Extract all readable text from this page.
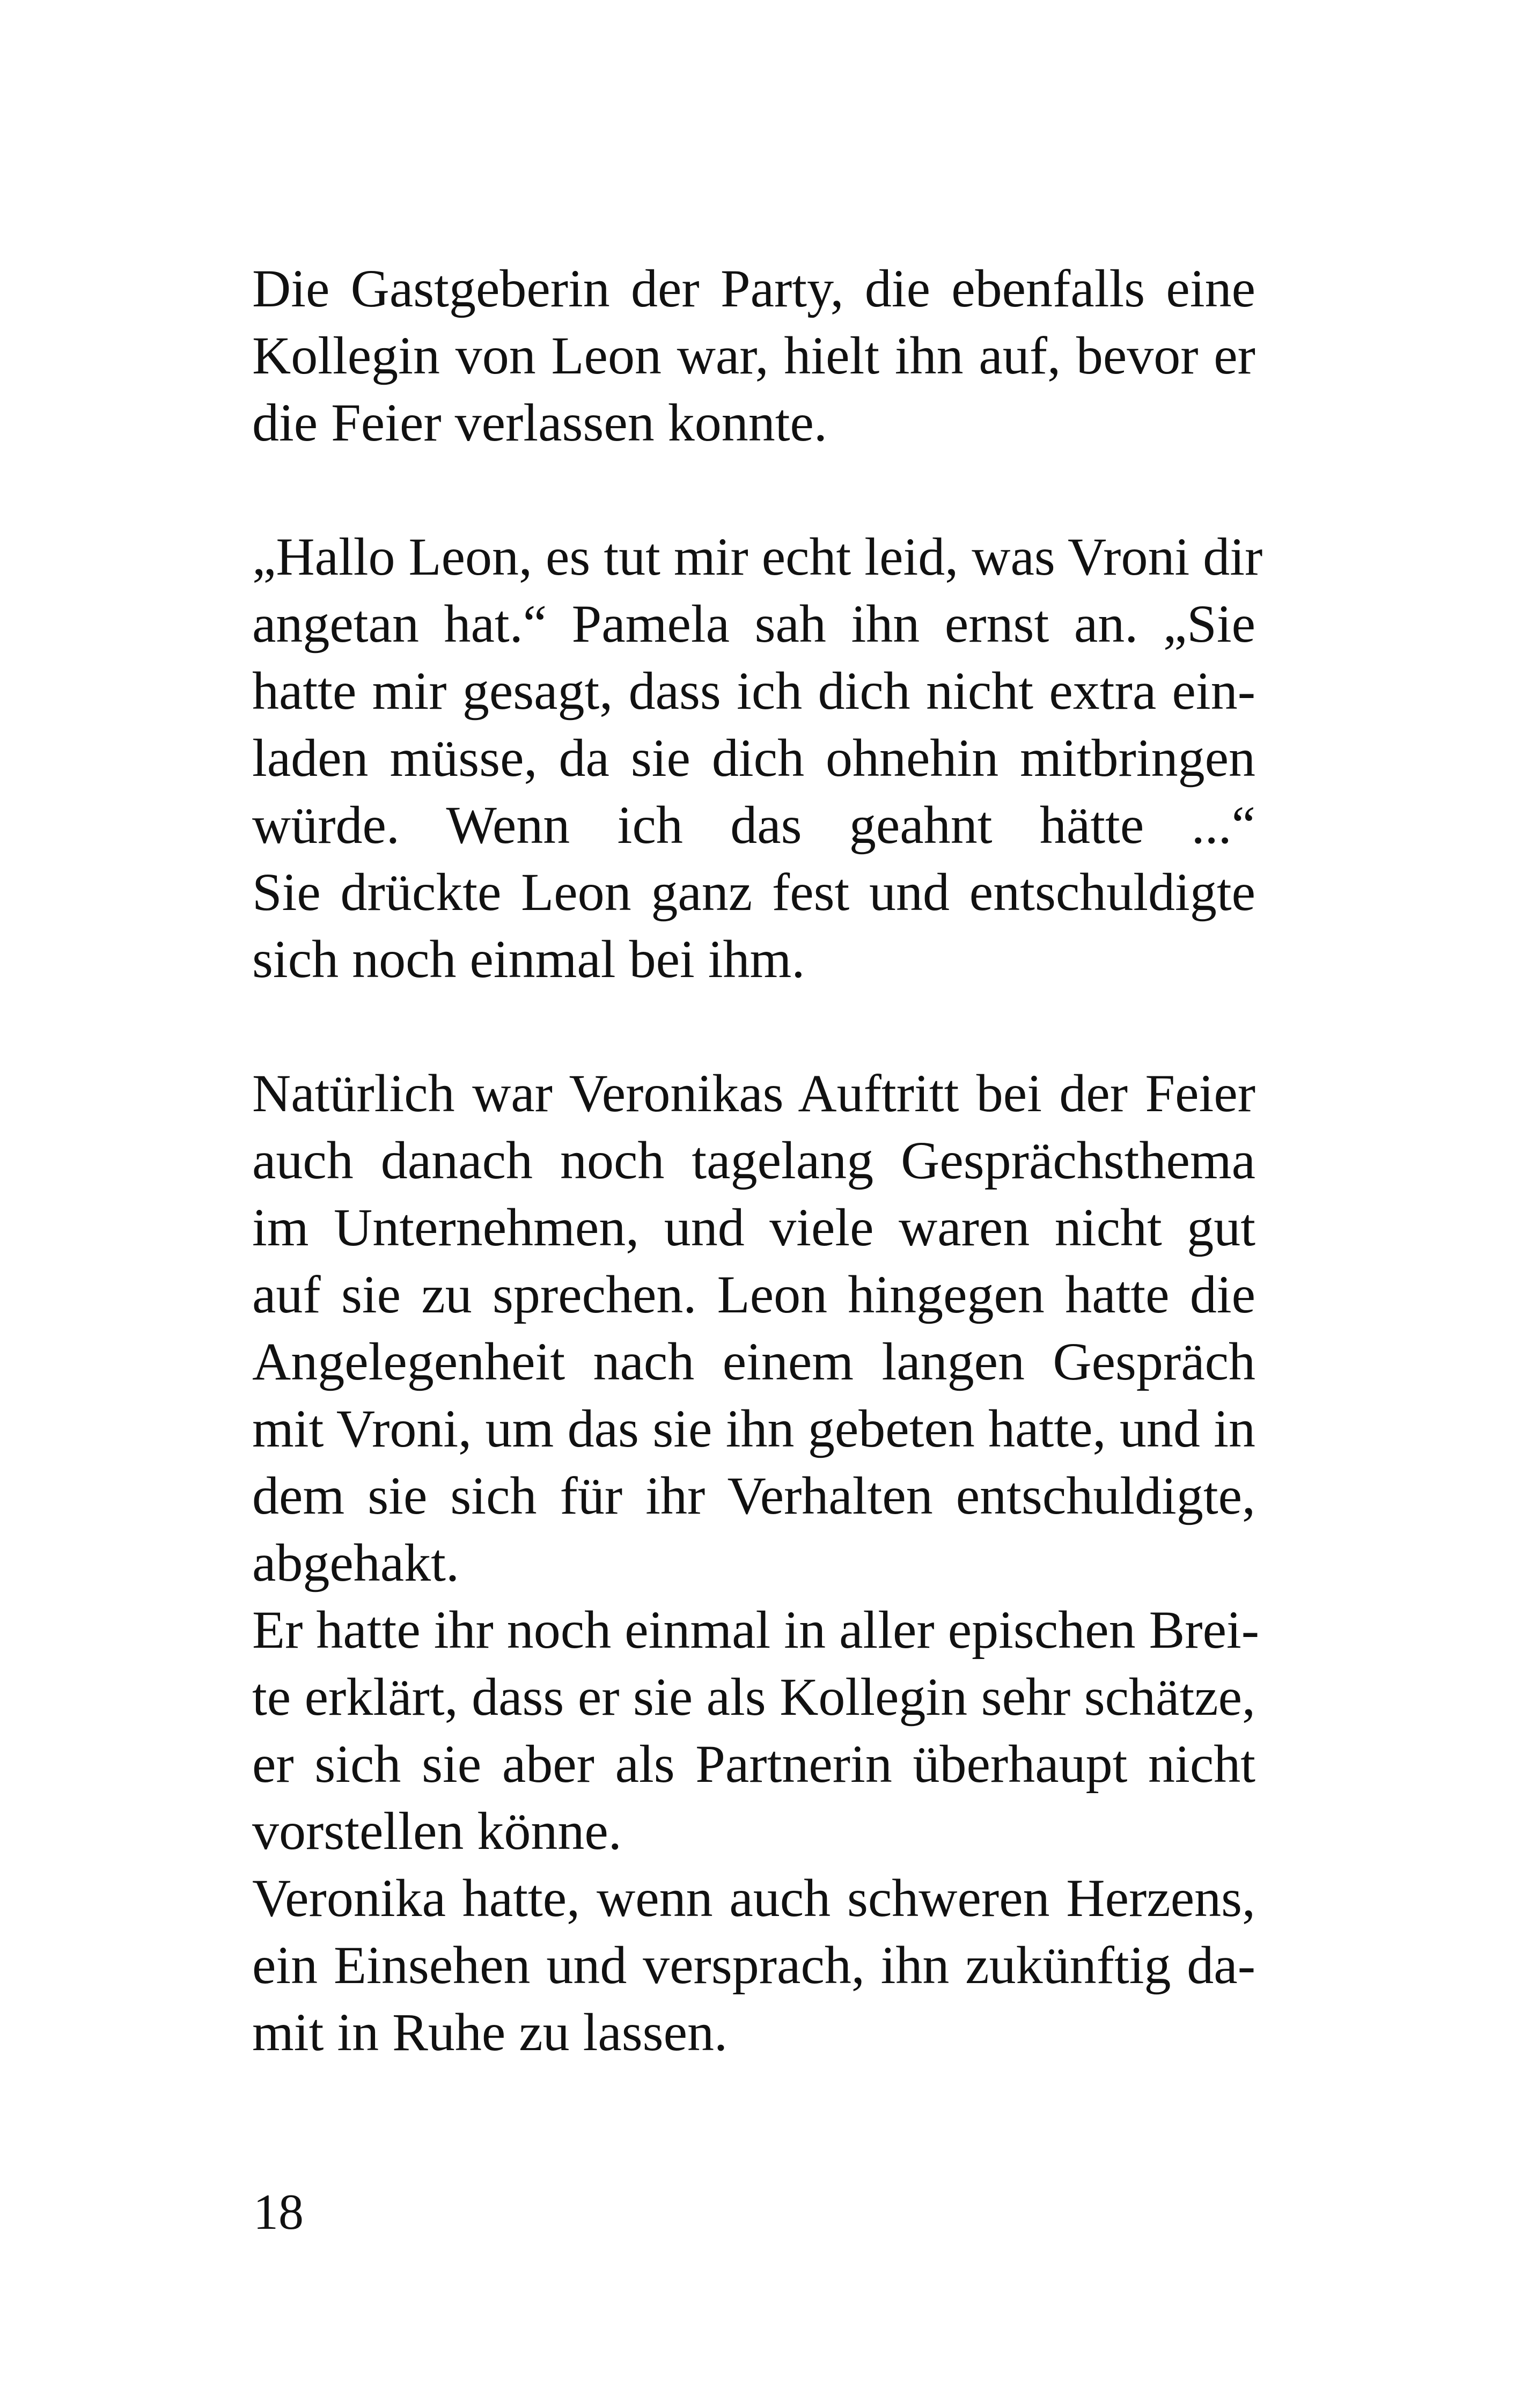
Die Gastgeberin der Party, die ebenfalls eine
Kollegin von Leon war, hielt ihn auf, bevor er
die Feier verlassen konnte.
„Hallo Leon, es tut mir echt leid, was Vroni dir
angetan hat.“ Pamela sah ihn ernst an. „Sie
hatte mir gesagt, dass ich dich nicht extra ein-
laden müsse, da sie dich ohnehin mitbringen
würde. Wenn ich das geahnt hätte ...“
Sie drückte Leon ganz fest und entschuldigte
sich noch einmal bei ihm.
Natürlich war Veronikas Auftritt bei der Feier
auch danach noch tagelang Gesprächsthema
im Unternehmen, und viele waren nicht gut
auf sie zu sprechen. Leon hingegen hatte die
Angelegenheit nach einem langen Gespräch
mit Vroni, um das sie ihn gebeten hatte, und in
dem sie sich für ihr Verhalten entschuldigte,
abgehakt.
Er hatte ihr noch einmal in aller epischen Brei-
te erklärt, dass er sie als Kollegin sehr schätze,
er sich sie aber als Partnerin überhaupt nicht
vorstellen könne.
Veronika hatte, wenn auch schweren Herzens,
ein Einsehen und versprach, ihn zukünftig da-
mit in Ruhe zu lassen.
18
